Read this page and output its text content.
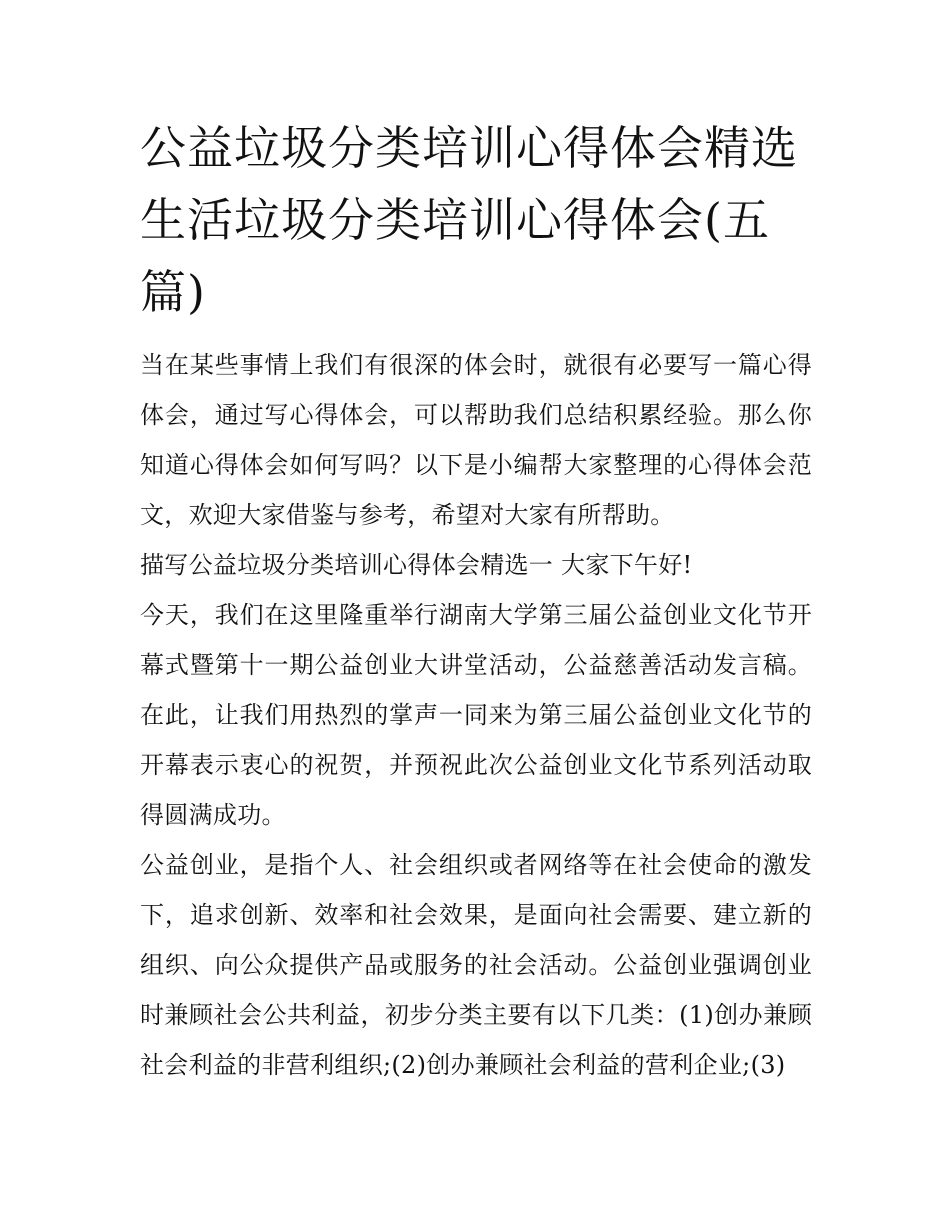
公益垃圾分类培训心得体会精选 生活垃圾分类培训心得体会(五篇)

当在某些事情上我们有很深的体会时，就很有必要写一篇心得体会，通过写心得体会，可以帮助我们总结积累经验。那么你知道心得体会如何写吗？以下是小编帮大家整理的心得体会范文，欢迎大家借鉴与参考，希望对大家有所帮助。

描写公益垃圾分类培训心得体会精选一 大家下午好!

今天，我们在这里隆重举行湖南大学第三届公益创业文化节开幕式暨第十一期公益创业大讲堂活动，公益慈善活动发言稿。在此，让我们用热烈的掌声一同来为第三届公益创业文化节的开幕表示衷心的祝贺，并预祝此次公益创业文化节系列活动取得圆满成功。

公益创业，是指个人、社会组织或者网络等在社会使命的激发下，追求创新、效率和社会效果，是面向社会需要、建立新的组织、向公众提供产品或服务的社会活动。公益创业强调创业时兼顾社会公共利益，初步分类主要有以下几类：(1)创办兼顾社会利益的非营利组织;(2)创办兼顾社会利益的营利企业;(3)
